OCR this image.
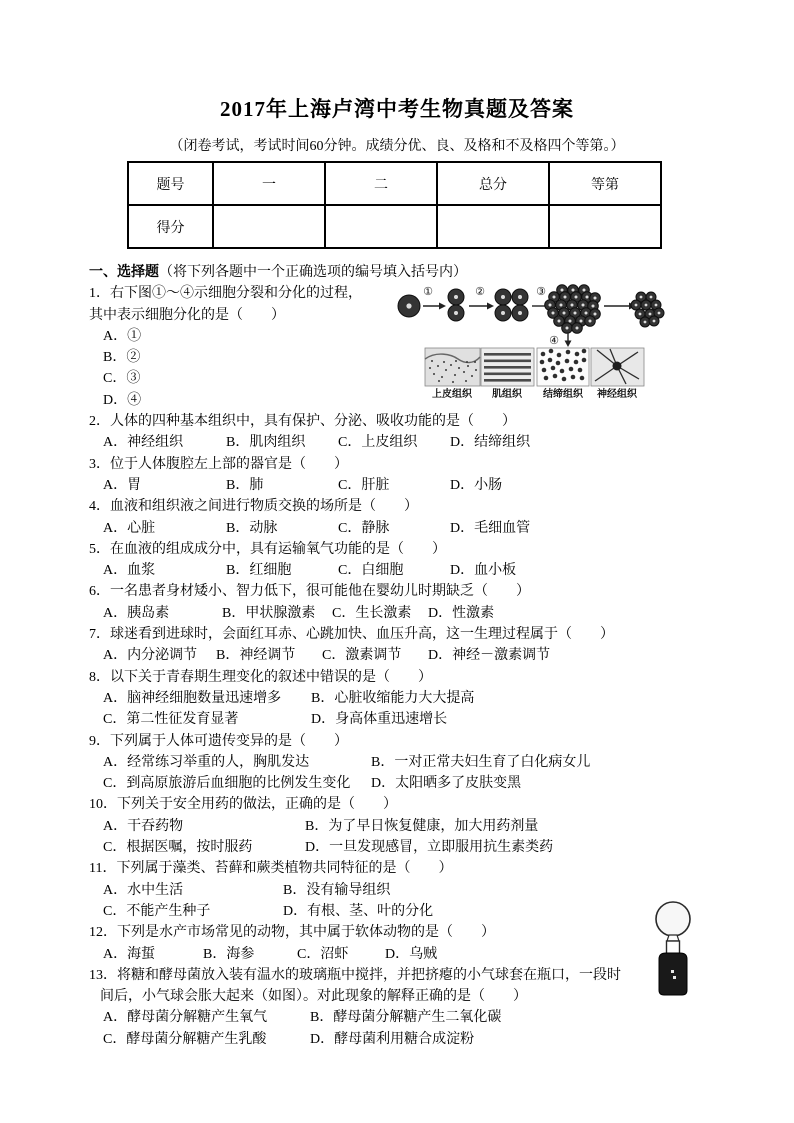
2017年上海卢湾中考生物真题及答案
（闭卷考试，考试时间60分钟。成绩分优、良、及格和不及格四个等第。）
题号	一	二	总分	等第
得分				
一、选择题（将下列各题中一个正确选项的编号填入括号内）
1．右下图①～④示细胞分裂和分化的过程，
其中表示细胞分化的是（　　）
A．①
B．②
C．③
D．④
2．人体的四种基本组织中，具有保护、分泌、吸收功能的是（　　）
A．神经组织	B．肌肉组织 C．上皮组织 D．结缔组织
3．位于人体腹腔左上部的器官是（　　）
A．胃	B．肺	C．肝脏	D．小肠
4．血液和组织液之间进行物质交换的场所是（　　）
A．心脏	B．动脉	C．静脉	D．毛细血管
5．在血液的组成成分中，具有运输氧气功能的是（　　）
A．血浆	B．红细胞	C．白细胞	D．血小板
6．一名患者身材矮小、智力低下，很可能他在婴幼儿时期缺乏（　　）
A．胰岛素	B．甲状腺激素 C．生长激素 D．性激素
7．球迷看到进球时，会面红耳赤、心跳加快、血压升高，这一生理过程属于（　　）
A．内分泌调节 B．神经调节 C．激素调节 D．神经－激素调节
8．以下关于青春期生理变化的叙述中错误的是（　　）
A．脑神经细胞数量迅速增多 B．心脏收缩能力大大提高
C．第二性征发育显著	D．身高体重迅速增长
9．下列属于人体可遗传变异的是（　　）
A．经常练习举重的人，胸肌发达	B．一对正常夫妇生育了白化病女儿
C．到高原旅游后血细胞的比例发生变化 D．太阳晒多了皮肤变黑
10．下列关于安全用药的做法，正确的是（　　）
A．干吞药物	B．为了早日恢复健康，加大用药剂量
C．根据医嘱，按时服药	D．一旦发现感冒，立即服用抗生素类药
11．下列属于藻类、苔藓和蕨类植物共同特征的是（　　）
A．水中生活	B．没有输导组织
C．不能产生种子	D．有根、茎、叶的分化
12．下列是水产市场常见的动物，其中属于软体动物的是（　　）
A．海蜇	B．海参	C．沼虾	D．乌贼
13．将糖和酵母菌放入装有温水的玻璃瓶中搅拌，并把挤瘪的小气球套在瓶口，一段时
间后，小气球会胀大起来（如图）。对此现象的解释正确的是（　　）
A．酵母菌分解糖产生氧气	B．酵母菌分解糖产生二氧化碳
C．酵母菌分解糖产生乳酸	D．酵母菌利用糖合成淀粉
①	②	③
④
上皮组织 肌组织 结缔组织 神经组织
